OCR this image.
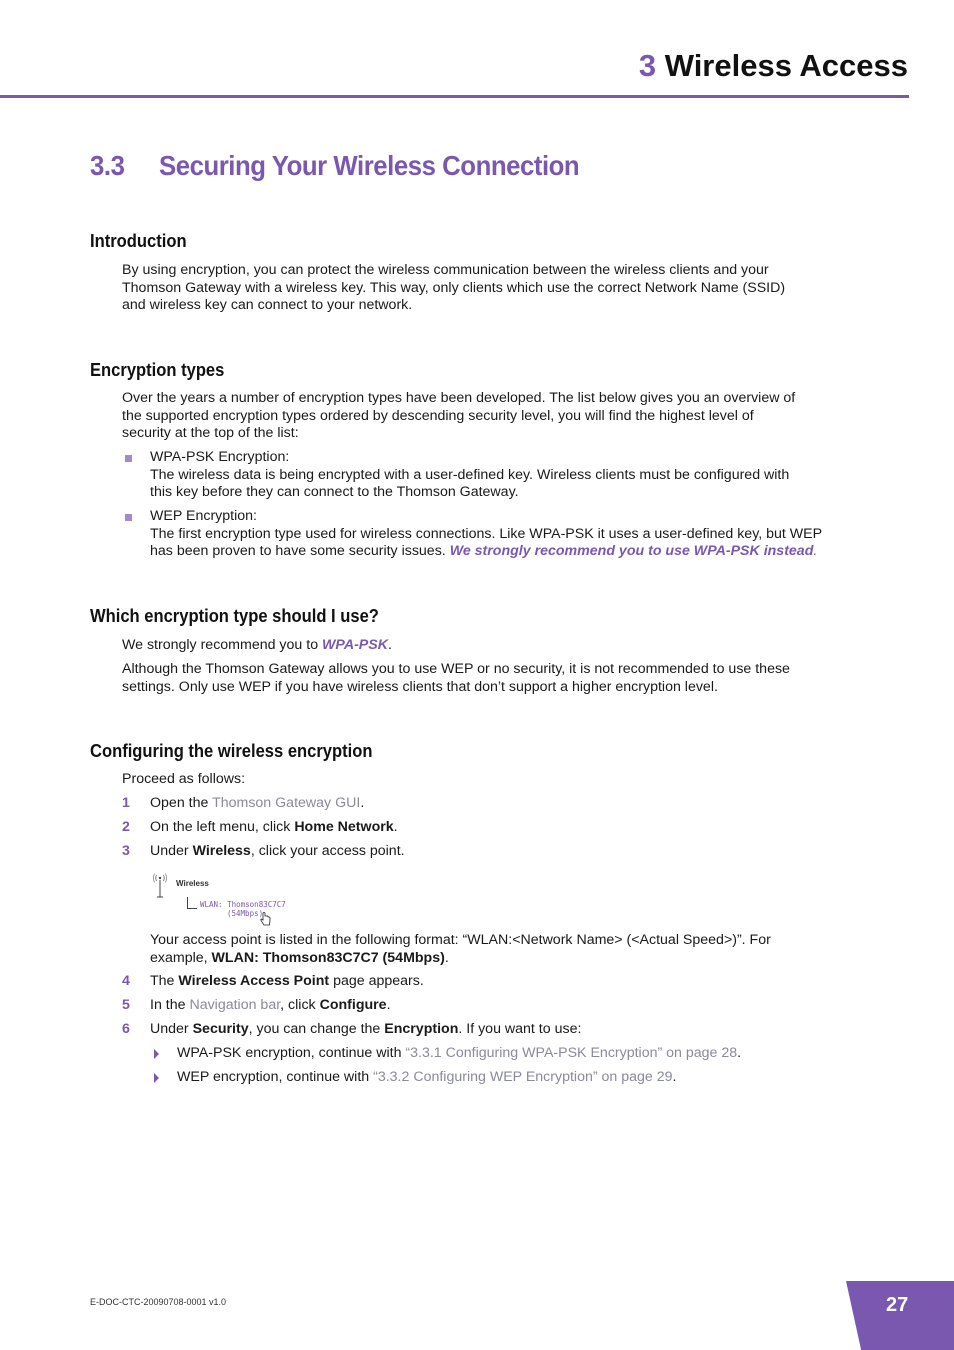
3 Wireless Access
3.3 Securing Your Wireless Connection
Introduction
By using encryption, you can protect the wireless communication between the wireless clients and your
Thomson Gateway with a wireless key. This way, only clients which use the correct Network Name (SSID)
and wireless key can connect to your network.
Encryption types
Over the years a number of encryption types have been developed. The list below gives you an overview of
the supported encryption types ordered by descending security level, you will find the highest level of
security at the top of the list:
WPA-PSK Encryption:
The wireless data is being encrypted with a user-defined key. Wireless clients must be configured with
this key before they can connect to the Thomson Gateway.
WEP Encryption:
The first encryption type used for wireless connections. Like WPA-PSK it uses a user-defined key, but WEP
has been proven to have some security issues. We strongly recommend you to use WPA-PSK instead.
Which encryption type should I use?
We strongly recommend you to WPA-PSK.
Although the Thomson Gateway allows you to use WEP or no security, it is not recommended to use these
settings. Only use WEP if you have wireless clients that don’t support a higher encryption level.
Configuring the wireless encryption
Proceed as follows:
1 Open the Thomson Gateway GUI.
2 On the left menu, click Home Network.
3 Under Wireless, click your access point.
Wireless
WLAN: Thomson83C7C7
(54Mbps)
Your access point is listed in the following format: “WLAN:<Network Name> (<Actual Speed>)”. For
example, WLAN: Thomson83C7C7 (54Mbps).
4 The Wireless Access Point page appears.
5 In the Navigation bar, click Configure.
6 Under Security, you can change the Encryption. If you want to use:
WPA-PSK encryption, continue with “3.3.1 Configuring WPA-PSK Encryption” on page 28.
WEP encryption, continue with “3.3.2 Configuring WEP Encryption” on page 29.
E-DOC-CTC-20090708-0001 v1.0	27
